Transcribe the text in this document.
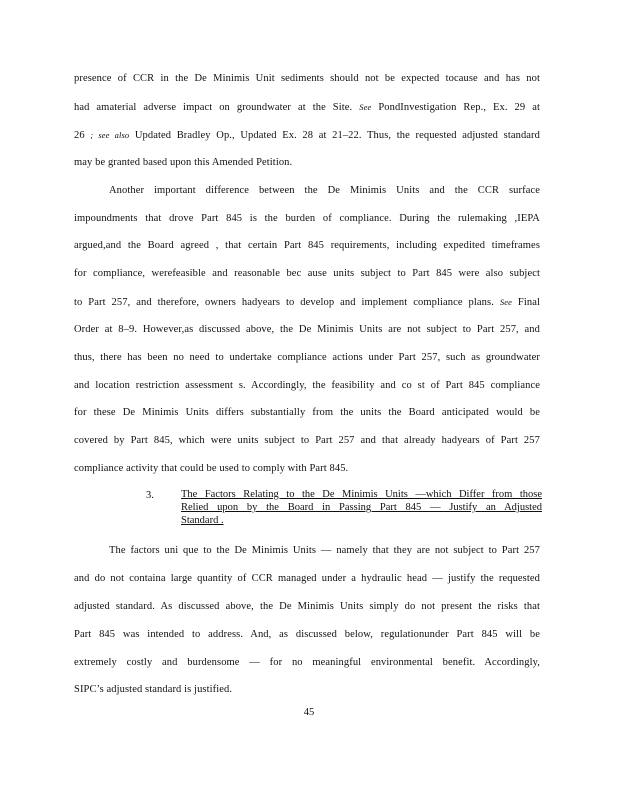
presence of CCR in the De Minimis Unit sediments should not be expected tocause and has not
had amaterial adverse impact on groundwater at the Site. See PondInvestigation Rep., Ex. 29 at
26 ; see also Updated Bradley Op., Updated Ex. 28 at 21–22. Thus, the requested adjusted standard
may be granted based upon this Amended Petition.
Another important difference between the De Minimis Units and the CCR surface
impoundments that drove Part 845 is the burden of compliance. During the rulemaking ,IEPA
argued,and the Board agreed , that certain Part 845 requirements, including expedited timeframes
for compliance, werefeasible and reasonable bec ause units subject to Part 845 were also subject
to Part 257, and therefore, owners hadyears to develop and implement compliance plans. See Final
Order at 8–9. However,as discussed above, the De Minimis Units are not subject to Part 257, and
thus, there has been no need to undertake compliance actions under Part 257, such as groundwater
and location restriction assessment s. Accordingly, the feasibility and co st of Part 845 compliance
for these De Minimis Units differs substantially from the units the Board anticipated would be
covered by Part 845, which were units subject to Part 257 and that already hadyears of Part 257
compliance activity that could be used to comply with Part 845.
3.	The Factors Relating to the De Minimis Units —which Differ from those
Relied upon by the Board in Passing Part 845 — Justify an Adjusted
Standard .
The factors uni que to the De Minimis Units — namely that they are not subject to Part 257
and do not containa large quantity of CCR managed under a hydraulic head — justify the requested
adjusted standard. As discussed above, the De Minimis Units simply do not present the risks that
Part 845 was intended to address. And, as discussed below, regulationunder Part 845 will be
extremely costly and burdensome — for no meaningful environmental benefit. Accordingly,
SIPC’s adjusted standard is justified.
45
